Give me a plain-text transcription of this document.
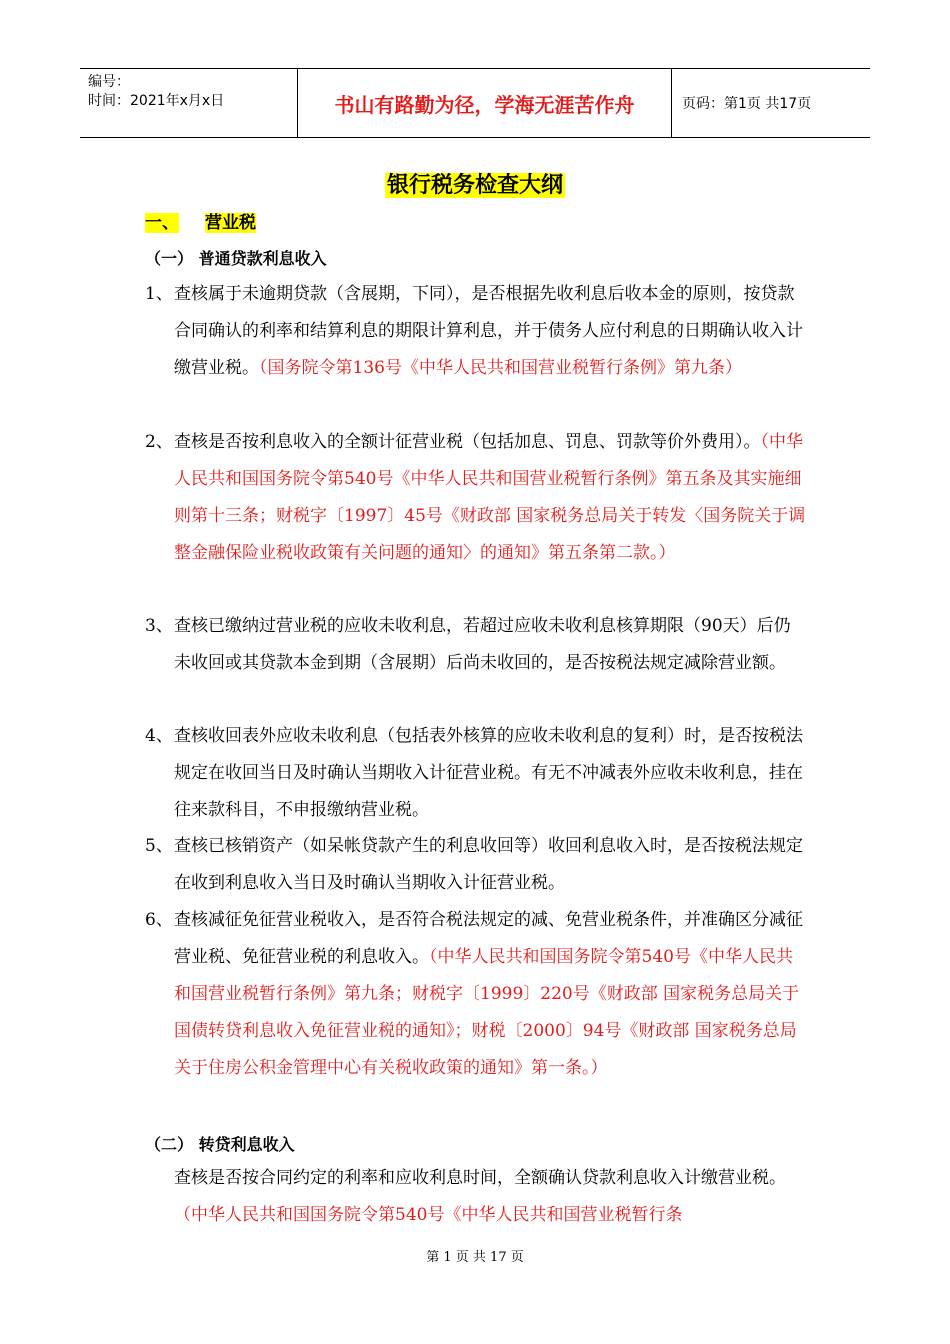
编号：
时间：2021年x月x日	书山有路勤为径，学海无涯苦作舟	页码：第1页 共17页
银行税务检查大纲
一、 营业税
（一） 普通贷款利息收入
1、 查核属于未逾期贷款（含展期，下同），是否根据先收利息后收本金的原则，按贷款合同确认的利率和结算利息的期限计算利息，并于债务人应付利息的日期确认收入计缴营业税。（国务院令第136号《中华人民共和国营业税暂行条例》第九条）
2、 查核是否按利息收入的全额计征营业税（包括加息、罚息、罚款等价外费用）。（中华人民共和国国务院令第540号《中华人民共和国营业税暂行条例》第五条及其实施细则第十三条；财税字〔1997〕45号《财政部 国家税务总局关于转发〈国务院关于调整金融保险业税收政策有关问题的通知〉的通知》第五条第二款。）
3、 查核已缴纳过营业税的应收未收利息，若超过应收未收利息核算期限（90天）后仍未收回或其贷款本金到期（含展期）后尚未收回的，是否按税法规定减除营业额。
4、 查核收回表外应收未收利息（包括表外核算的应收未收利息的复利）时，是否按税法规定在收回当日及时确认当期收入计征营业税。有无不冲减表外应收未收利息，挂在往来款科目，不申报缴纳营业税。
5、 查核已核销资产（如呆帐贷款产生的利息收回等）收回利息收入时，是否按税法规定在收到利息收入当日及时确认当期收入计征营业税。
6、 查核减征免征营业税收入，是否符合税法规定的减、免营业税条件，并准确区分减征营业税、免征营业税的利息收入。（中华人民共和国国务院令第540号《中华人民共和国营业税暂行条例》第九条；财税字〔1999〕220号《财政部 国家税务总局关于国债转贷利息收入免征营业税的通知》；财税〔2000〕94号《财政部 国家税务总局关于住房公积金管理中心有关税收政策的通知》第一条。）
（二） 转贷利息收入
查核是否按合同约定的利率和应收利息时间，全额确认贷款利息收入计缴营业税。（中华人民共和国国务院令第540号《中华人民共和国营业税暂行条
第 1 页 共 17 页
